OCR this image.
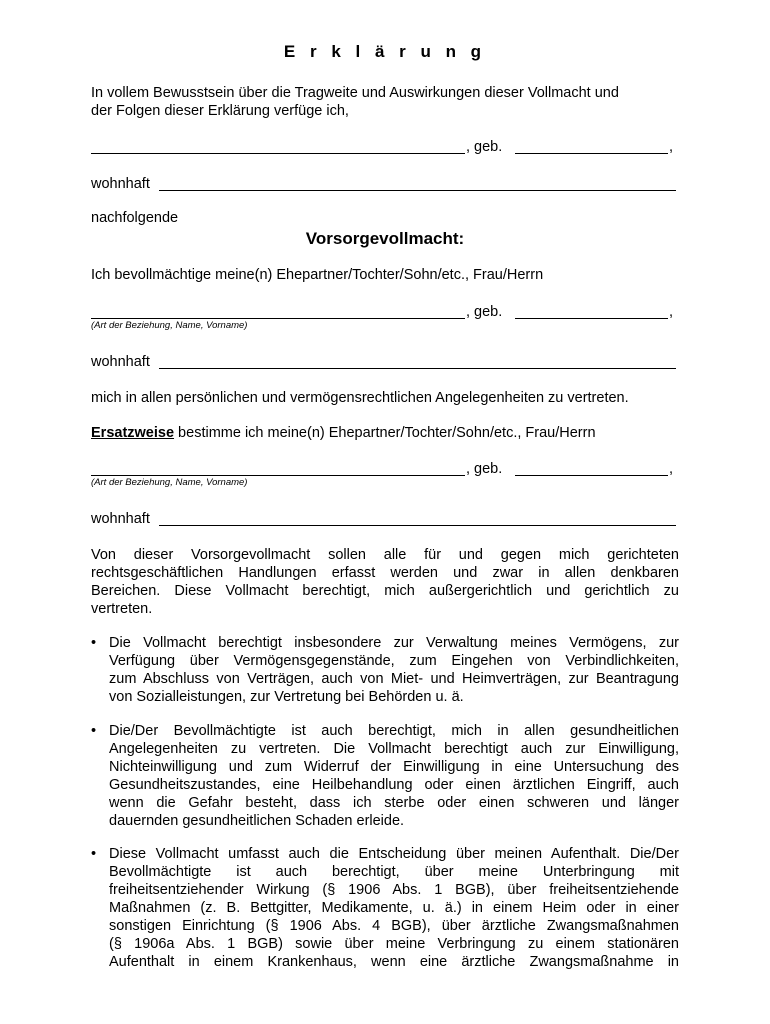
E r k l ä r u n g
In vollem Bewusstsein über die Tragweite und Auswirkungen dieser Vollmacht und
der Folgen dieser Erklärung verfüge ich,
, geb.	,
wohnhaft
nachfolgende
Vorsorgevollmacht:
Ich bevollmächtige meine(n) Ehepartner/Tochter/Sohn/etc., Frau/Herrn
, geb.	,
(Art der Beziehung, Name, Vorname)
wohnhaft
mich in allen persönlichen und vermögensrechtlichen Angelegenheiten zu vertreten.
Ersatzweise bestimme ich meine(n) Ehepartner/Tochter/Sohn/etc., Frau/Herrn
, geb.	,
(Art der Beziehung, Name, Vorname)
wohnhaft
Von dieser Vorsorgevollmacht sollen alle für und gegen mich gerichteten
rechtsgeschäftlichen Handlungen erfasst werden und zwar in allen denkbaren
Bereichen. Diese Vollmacht berechtigt, mich außergerichtlich und gerichtlich zu
vertreten.
• Die Vollmacht berechtigt insbesondere zur Verwaltung meines Vermögens, zur
Verfügung über Vermögensgegenstände, zum Eingehen von Verbindlichkeiten,
zum Abschluss von Verträgen, auch von Miet- und Heimverträgen, zur Beantragung
von Sozialleistungen, zur Vertretung bei Behörden u. ä.
• Die/Der Bevollmächtigte ist auch berechtigt, mich in allen gesundheitlichen
Angelegenheiten zu vertreten. Die Vollmacht berechtigt auch zur Einwilligung,
Nichteinwilligung und zum Widerruf der Einwilligung in eine Untersuchung des
Gesundheitszustandes, eine Heilbehandlung oder einen ärztlichen Eingriff, auch
wenn die Gefahr besteht, dass ich sterbe oder einen schweren und länger
dauernden gesundheitlichen Schaden erleide.
• Diese Vollmacht umfasst auch die Entscheidung über meinen Aufenthalt. Die/Der
Bevollmächtigte ist auch berechtigt, über meine Unterbringung mit
freiheitsentziehender Wirkung (§ 1906 Abs. 1 BGB), über freiheitsentziehende
Maßnahmen (z. B. Bettgitter, Medikamente, u. ä.) in einem Heim oder in einer
sonstigen Einrichtung (§ 1906 Abs. 4 BGB), über ärztliche Zwangsmaßnahmen
(§ 1906a Abs. 1 BGB) sowie über meine Verbringung zu einem stationären
Aufenthalt in einem Krankenhaus, wenn eine ärztliche Zwangsmaßnahme in
